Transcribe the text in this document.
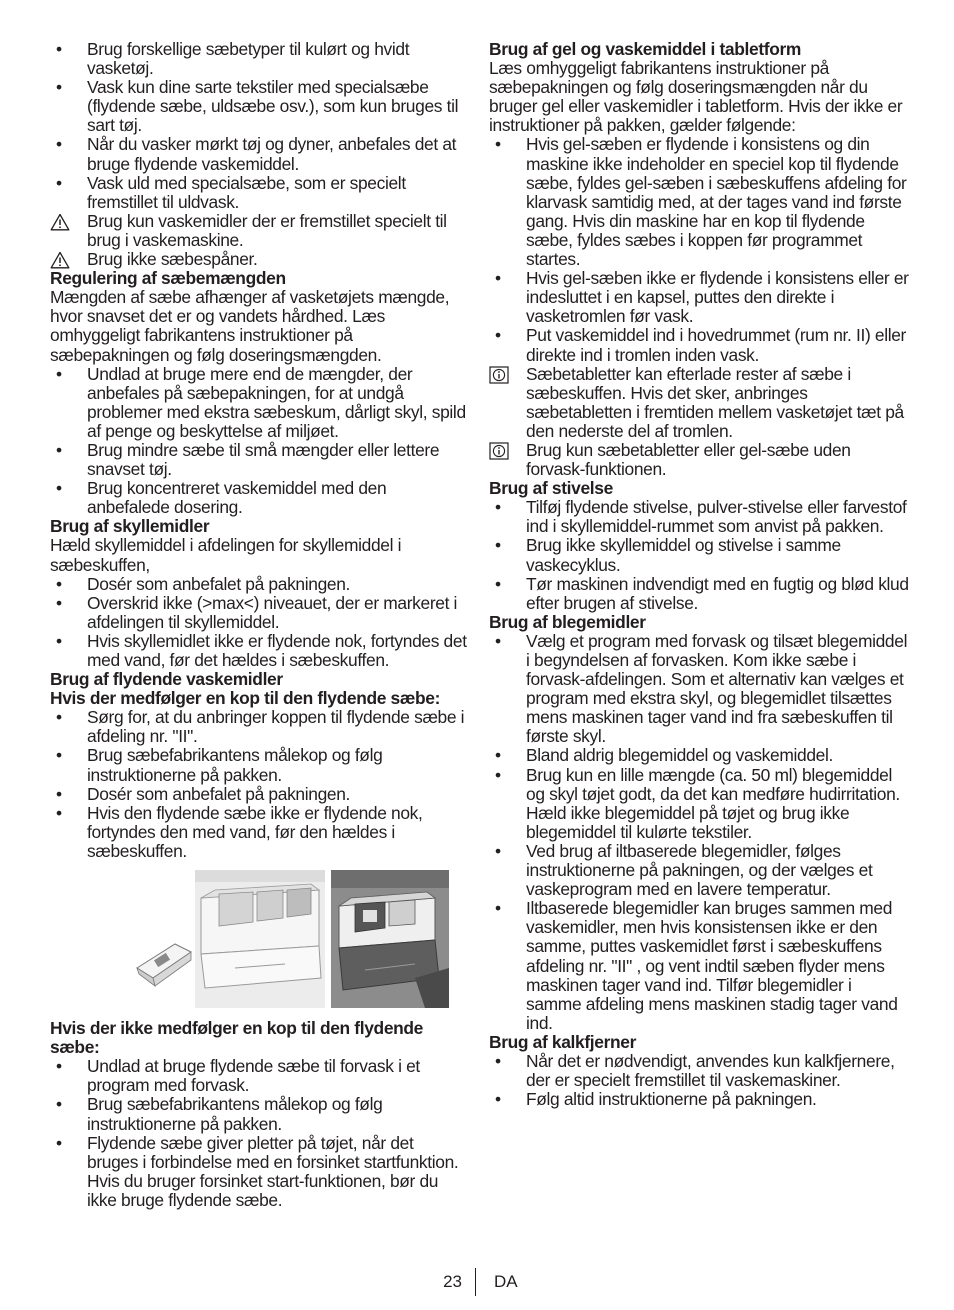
• Brug forskellige sæbetyper til kulørt og hvidt vasketøj.
• Vask kun dine sarte tekstiler med specialsæbe (flydende sæbe, uldsæbe osv.), som kun bruges til sart tøj.
• Når du vasker mørkt tøj og dyner, anbefales det at bruge flydende vaskemiddel.
• Vask uld med specialsæbe, som er specielt fremstillet til uldvask.
Brug kun vaskemidler der er fremstillet specielt til brug i vaskemaskine.
Brug ikke sæbespåner.
Regulering af sæbemængden
Mængden af sæbe afhænger af vasketøjets mængde, hvor snavset det er og vandets hårdhed. Læs omhyggeligt fabrikantens instruktioner på sæbepakningen og følg doseringsmængden.
• Undlad at bruge mere end de mængder, der anbefales på sæbepakningen, for at undgå problemer med ekstra sæbeskum, dårligt skyl, spild af penge og beskyttelse af miljøet.
• Brug mindre sæbe til små mængder eller lettere snavset tøj.
• Brug koncentreret vaskemiddel med den anbefalede dosering.
Brug af skyllemidler
Hæld skyllemiddel i afdelingen for skyllemiddel i sæbeskuffen,
• Dosér som anbefalet på pakningen.
• Overskrid ikke (>max<) niveauet, der er markeret i afdelingen til skyllemiddel.
• Hvis skyllemidlet ikke er flydende nok, fortyndes det med vand, før det hældes i sæbeskuffen.
Brug af flydende vaskemidler
Hvis der medfølger en kop til den flydende sæbe:
• Sørg for, at du anbringer koppen til flydende sæbe i afdeling nr. "II".
• Brug sæbefabrikantens målekop og følg instruktionerne på pakken.
• Dosér som anbefalet på pakningen.
• Hvis den flydende sæbe ikke er flydende nok, fortyndes den med vand, før den hældes i sæbeskuffen.
Hvis der ikke medfølger en kop til den flydende sæbe:
• Undlad at bruge flydende sæbe til forvask i et program med forvask.
• Brug sæbefabrikantens målekop og følg instruktionerne på pakken.
• Flydende sæbe giver pletter på tøjet, når det bruges i forbindelse med en forsinket startfunktion. Hvis du bruger forsinket start-funktionen, bør du ikke bruge flydende sæbe.
Brug af gel og vaskemiddel i tabletform
Læs omhyggeligt fabrikantens instruktioner på sæbepakningen og følg doseringsmængden når du bruger gel eller vaskemidler i tabletform. Hvis der ikke er instruktioner på pakken, gælder følgende:
• Hvis gel-sæben er flydende i konsistens og din maskine ikke indeholder en speciel kop til flydende sæbe, fyldes gel-sæben i sæbeskuffens afdeling for klarvask samtidig med, at der tages vand ind første gang. Hvis din maskine har en kop til flydende sæbe, fyldes sæbes i koppen før programmet startes.
• Hvis gel-sæben ikke er flydende i konsistens eller er indesluttet i en kapsel, puttes den direkte i vasketromlen før vask.
• Put vaskemiddel ind i hovedrummet (rum nr. II) eller direkte ind i tromlen inden vask.
Sæbetabletter kan efterlade rester af sæbe i sæbeskuffen. Hvis det sker, anbringes sæbetabletten i fremtiden mellem vasketøjet tæt på den nederste del af tromlen.
Brug kun sæbetabletter eller gel-sæbe uden forvask-funktionen.
Brug af stivelse
• Tilføj flydende stivelse, pulver-stivelse eller farvestof ind i skyllemiddel-rummet som anvist på pakken.
• Brug ikke skyllemiddel og stivelse i samme vaskecyklus.
• Tør maskinen indvendigt med en fugtig og blød klud efter brugen af stivelse.
Brug af blegemidler
• Vælg et program med forvask og tilsæt blegemiddel i begyndelsen af forvasken. Kom ikke sæbe i forvask-afdelingen. Som et alternativ kan vælges et program med ekstra skyl, og blegemidlet tilsættes mens maskinen tager vand ind fra sæbeskuffen til første skyl.
• Bland aldrig blegemiddel og vaskemiddel.
• Brug kun en lille mængde (ca. 50 ml) blegemiddel og skyl tøjet godt, da det kan medføre hudirritation. Hæld ikke blegemiddel på tøjet og brug ikke blegemiddel til kulørte tekstiler.
• Ved brug af iltbaserede blegemidler, følges instruktionerne på pakningen, og der vælges et vaskeprogram med en lavere temperatur.
• Iltbaserede blegemidler kan bruges sammen med vaskemidler, men hvis konsistensen ikke er den samme, puttes vaskemidlet først i sæbeskuffens afdeling nr. "II" , og vent indtil sæben flyder mens maskinen tager vand ind. Tilfør blegemidler i samme afdeling mens maskinen stadig tager vand ind.
Brug af kalkfjerner
• Når det er nødvendigt, anvendes kun kalkfjernere, der er specielt fremstillet til vaskemaskiner.
• Følg altid instruktionerne på pakningen.
23 DA
